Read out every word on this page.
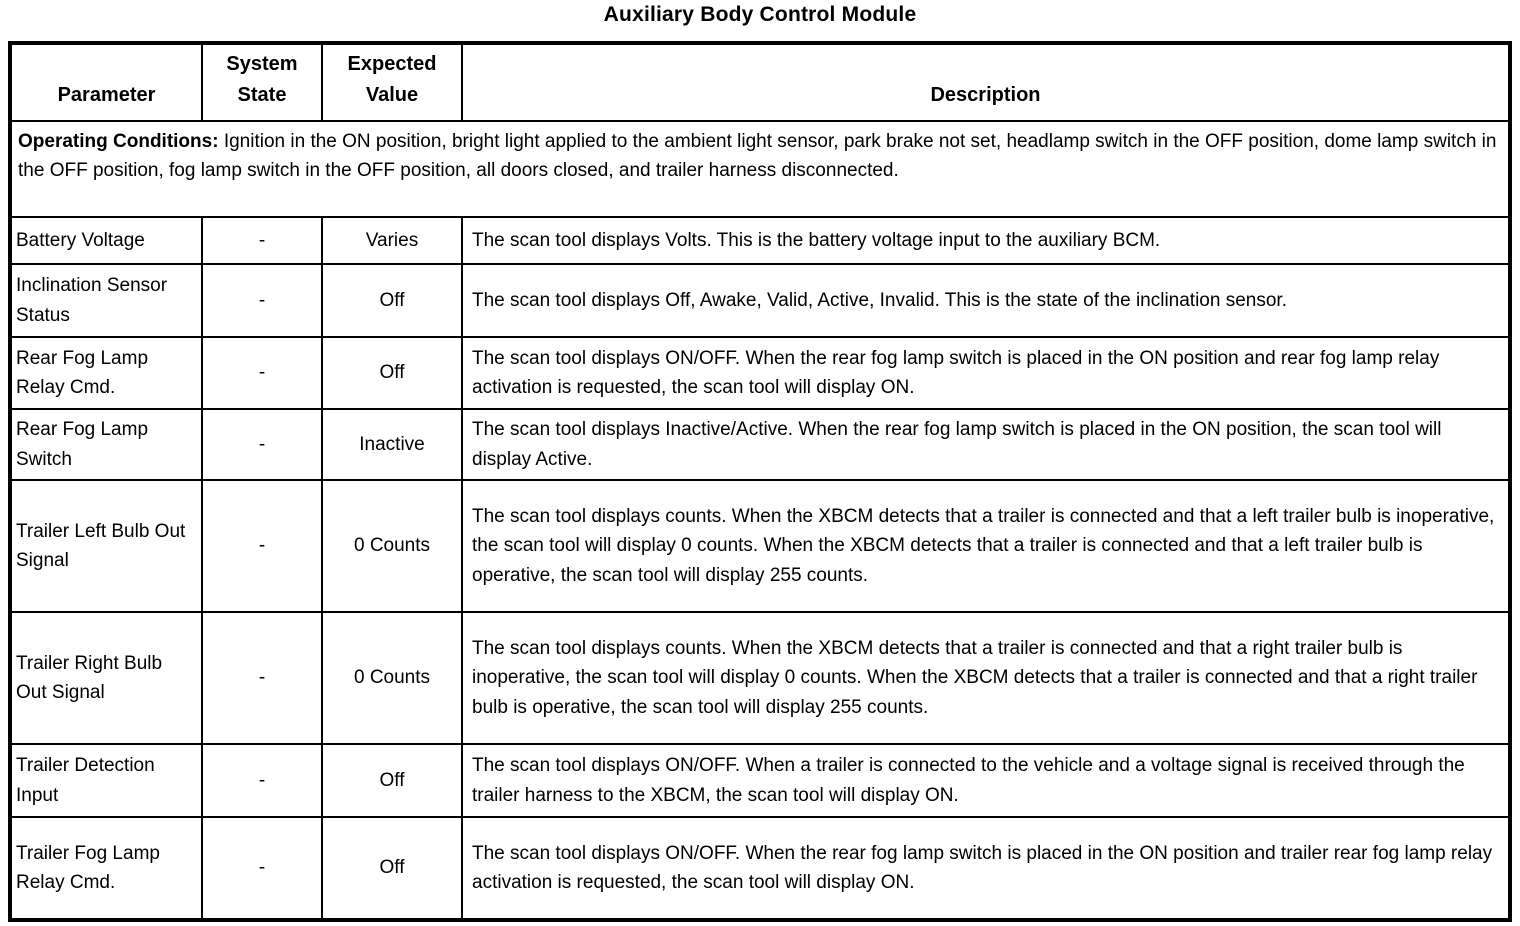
Auxiliary Body Control Module
Parameter	System State	Expected Value	Description
Operating Conditions: Ignition in the ON position, bright light applied to the ambient light sensor, park brake not set, headlamp switch in the OFF position, dome lamp switch in the OFF position, fog lamp switch in the OFF position, all doors closed, and trailer harness disconnected.			
Battery Voltage	-	Varies	The scan tool displays Volts. This is the battery voltage input to the auxiliary BCM.
Inclination Sensor Status	-	Off	The scan tool displays Off, Awake, Valid, Active, Invalid. This is the state of the inclination sensor.
Rear Fog Lamp Relay Cmd.	-	Off	The scan tool displays ON/OFF. When the rear fog lamp switch is placed in the ON position and rear fog lamp relay activation is requested, the scan tool will display ON.
Rear Fog Lamp Switch	-	Inactive	The scan tool displays Inactive/Active. When the rear fog lamp switch is placed in the ON position, the scan tool will display Active.
Trailer Left Bulb Out Signal	-	0 Counts	The scan tool displays counts. When the XBCM detects that a trailer is connected and that a left trailer bulb is inoperative, the scan tool will display 0 counts. When the XBCM detects that a trailer is connected and that a left trailer bulb is operative, the scan tool will display 255 counts.
Trailer Right Bulb Out Signal	-	0 Counts	The scan tool displays counts. When the XBCM detects that a trailer is connected and that a right trailer bulb is inoperative, the scan tool will display 0 counts. When the XBCM detects that a trailer is connected and that a right trailer bulb is operative, the scan tool will display 255 counts.
Trailer Detection Input	-	Off	The scan tool displays ON/OFF. When a trailer is connected to the vehicle and a voltage signal is received through the trailer harness to the XBCM, the scan tool will display ON.
Trailer Fog Lamp Relay Cmd.	-	Off	The scan tool displays ON/OFF. When the rear fog lamp switch is placed in the ON position and trailer rear fog lamp relay activation is requested, the scan tool will display ON.
